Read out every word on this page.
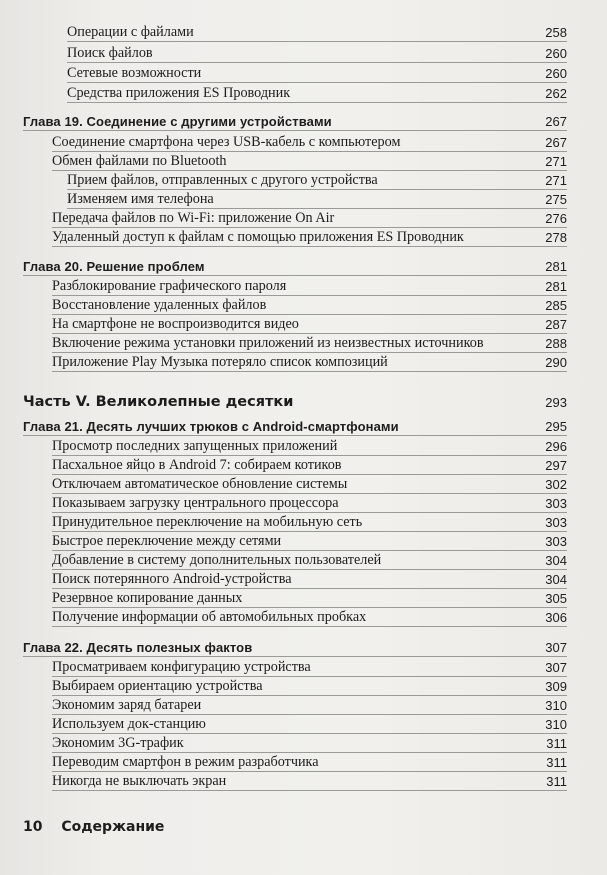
Операции с файлами	258
Поиск файлов	260
Сетевые возможности	260
Средства приложения ES Проводник	262
Глава 19. Соединение с другими устройствами	267
Соединение смартфона через USB-кабель с компьютером	267
Обмен файлами по Bluetooth	271
Прием файлов, отправленных с другого устройства	271
Изменяем имя телефона	275
Передача файлов по Wi-Fi: приложение On Air	276
Удаленный доступ к файлам с помощью приложения ES Проводник	278
Глава 20. Решение проблем	281
Разблокирование графического пароля	281
Восстановление удаленных файлов	285
На смартфоне не воспроизводится видео	287
Включение режима установки приложений из неизвестных источников	288
Приложение Play Музыка потеряло список композиций	290
Часть V. Великолепные десятки	293
Глава 21. Десять лучших трюков с Android-смартфонами	295
Просмотр последних запущенных приложений	296
Пасхальное яйцо в Android 7: собираем котиков	297
Отключаем автоматическое обновление системы	302
Показываем загрузку центрального процессора	303
Принудительное переключение на мобильную сеть	303
Быстрое переключение между сетями	303
Добавление в систему дополнительных пользователей	304
Поиск потерянного Android-устройства	304
Резервное копирование данных	305
Получение информации об автомобильных пробках	306
Глава 22. Десять полезных фактов	307
Просматриваем конфигурацию устройства	307
Выбираем ориентацию устройства	309
Экономим заряд батареи	310
Используем док-станцию	310
Экономим 3G-трафик	311
Переводим смартфон в режим разработчика	311
Никогда не выключать экран	311
10 Содержание
